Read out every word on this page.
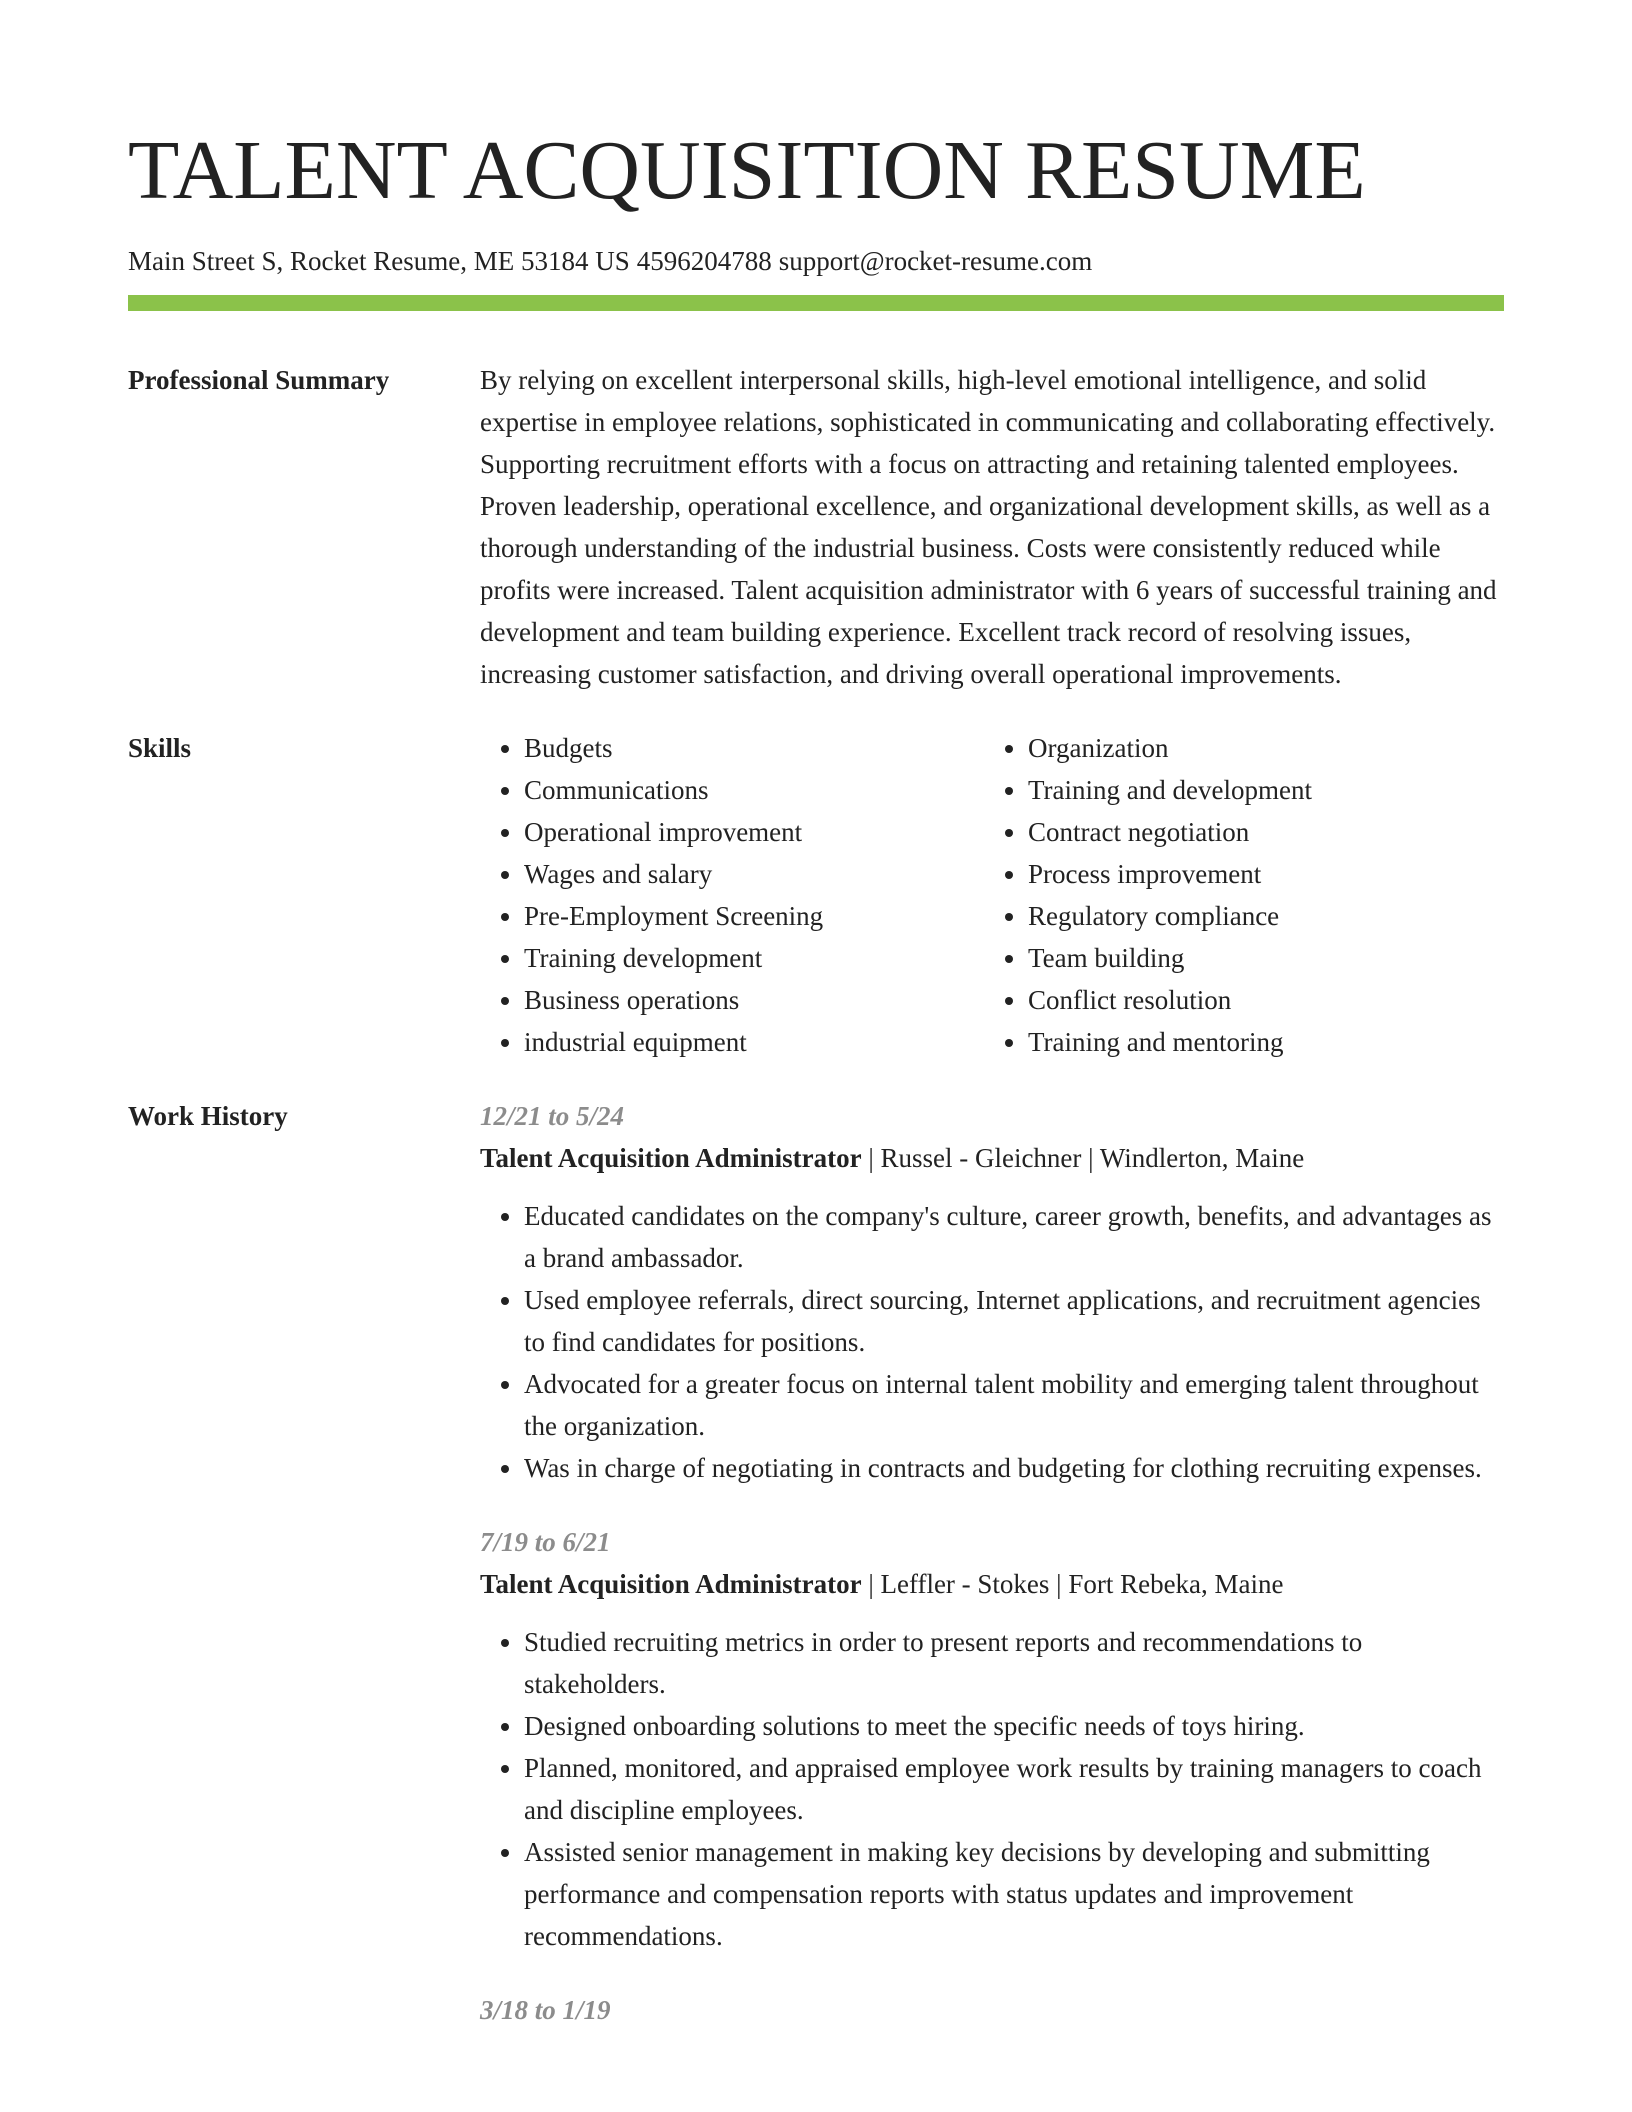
TALENT ACQUISITION RESUME
Main Street S, Rocket Resume, ME 53184 US 4596204788 support@rocket-resume.com
Professional Summary	By relying on excellent interpersonal skills, high-level emotional intelligence, and solid expertise in employee relations, sophisticated in communicating and collaborating effectively. Supporting recruitment efforts with a focus on attracting and retaining talented employees. Proven leadership, operational excellence, and organizational development skills, as well as a thorough understanding of the industrial business. Costs were consistently reduced while profits were increased. Talent acquisition administrator with 6 years of successful training and development and team building experience. Excellent track record of resolving issues, increasing customer satisfaction, and driving overall operational improvements.

Skills
•	Budgets
• Communications
• Operational improvement
• Wages and salary
• Pre-Employment Screening
• Training development
• Business operations
• industrial equipment
• Organization
• Training and development
• Contract negotiation
• Process improvement
• Regulatory compliance
• Team building
• Conflict resolution
• Training and mentoring
Work History	12/21 to 5/24
Talent Acquisition Administrator | Russel - Gleichner | Windlerton, Maine
• Educated candidates on the company's culture, career growth, benefits, and advantages as a brand ambassador.
• Used employee referrals, direct sourcing, Internet applications, and recruitment agencies to find candidates for positions.
• Advocated for a greater focus on internal talent mobility and emerging talent throughout the organization.
• Was in charge of negotiating in contracts and budgeting for clothing recruiting expenses.
7/19 to 6/21
Talent Acquisition Administrator | Leffler - Stokes | Fort Rebeka, Maine
• Studied recruiting metrics in order to present reports and recommendations to stakeholders.
• Designed onboarding solutions to meet the specific needs of toys hiring.
• Planned, monitored, and appraised employee work results by training managers to coach and discipline employees.
• Assisted senior management in making key decisions by developing and submitting performance and compensation reports with status updates and improvement recommendations.
3/18 to 1/19
